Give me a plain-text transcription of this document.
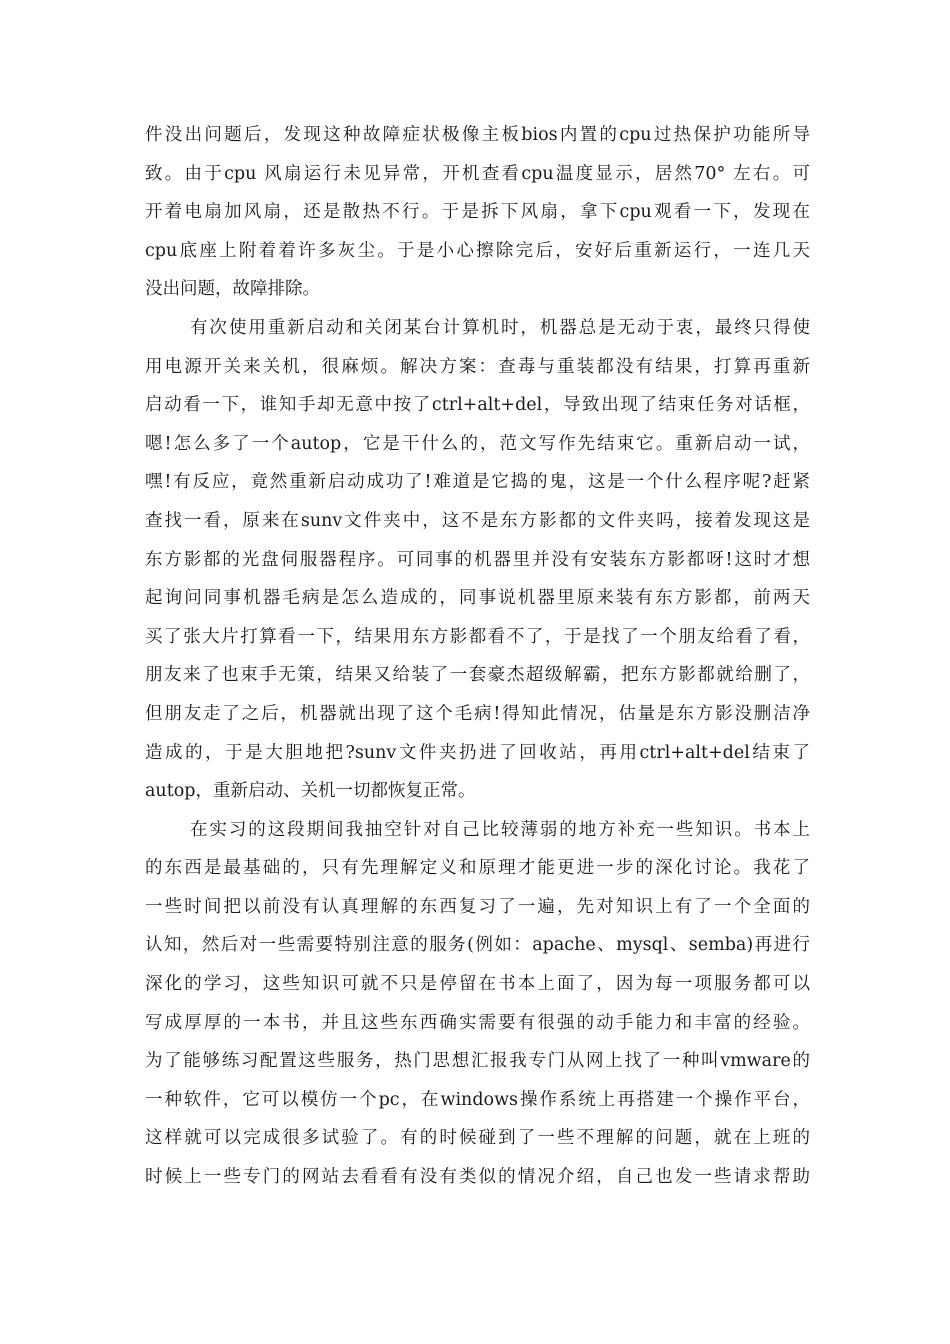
件没出问题后，发现这种故障症状极像主板bios内置的cpu过热保护功能所导
致。由于cpu 风扇运行未见异常，开机查看cpu温度显示，居然70° 左右。可
开着电扇加风扇，还是散热不行。于是拆下风扇，拿下cpu观看一下，发现在
cpu底座上附着着许多灰尘。于是小心擦除完后，安好后重新运行，一连几天
没出问题，故障排除。
有次使用重新启动和关闭某台计算机时，机器总是无动于衷，最终只得使
用电源开关来关机，很麻烦。解决方案：查毒与重装都没有结果，打算再重新
启动看一下，谁知手却无意中按了ctrl+alt+del，导致出现了结束任务对话框，
嗯!怎么多了一个autop，它是干什么的，范文写作先结束它。重新启动一试，
嘿!有反应，竟然重新启动成功了!难道是它捣的鬼，这是一个什么程序呢?赶紧
查找一看，原来在sunv文件夹中，这不是东方影都的文件夹吗，接着发现这是
东方影都的光盘伺服器程序。可同事的机器里并没有安装东方影都呀!这时才想
起询问同事机器毛病是怎么造成的，同事说机器里原来装有东方影都，前两天
买了张大片打算看一下，结果用东方影都看不了，于是找了一个朋友给看了看，
朋友来了也束手无策，结果又给装了一套豪杰超级解霸，把东方影都就给删了，
但朋友走了之后，机器就出现了这个毛病!得知此情况，估量是东方影没删洁净
造成的，于是大胆地把?sunv文件夹扔进了回收站，再用ctrl+alt+del结束了
autop，重新启动、关机一切都恢复正常。
在实习的这段期间我抽空针对自己比较薄弱的地方补充一些知识。书本上
的东西是最基础的，只有先理解定义和原理才能更进一步的深化讨论。我花了
一些时间把以前没有认真理解的东西复习了一遍，先对知识上有了一个全面的
认知，然后对一些需要特别注意的服务(例如：apache、mysql、semba)再进行
深化的学习，这些知识可就不只是停留在书本上面了，因为每一项服务都可以
写成厚厚的一本书，并且这些东西确实需要有很强的动手能力和丰富的经验。
为了能够练习配置这些服务，热门思想汇报我专门从网上找了一种叫vmware的
一种软件，它可以模仿一个pc，在windows操作系统上再搭建一个操作平台，
这样就可以完成很多试验了。有的时候碰到了一些不理解的问题，就在上班的
时候上一些专门的网站去看看有没有类似的情况介绍，自己也发一些请求帮助
